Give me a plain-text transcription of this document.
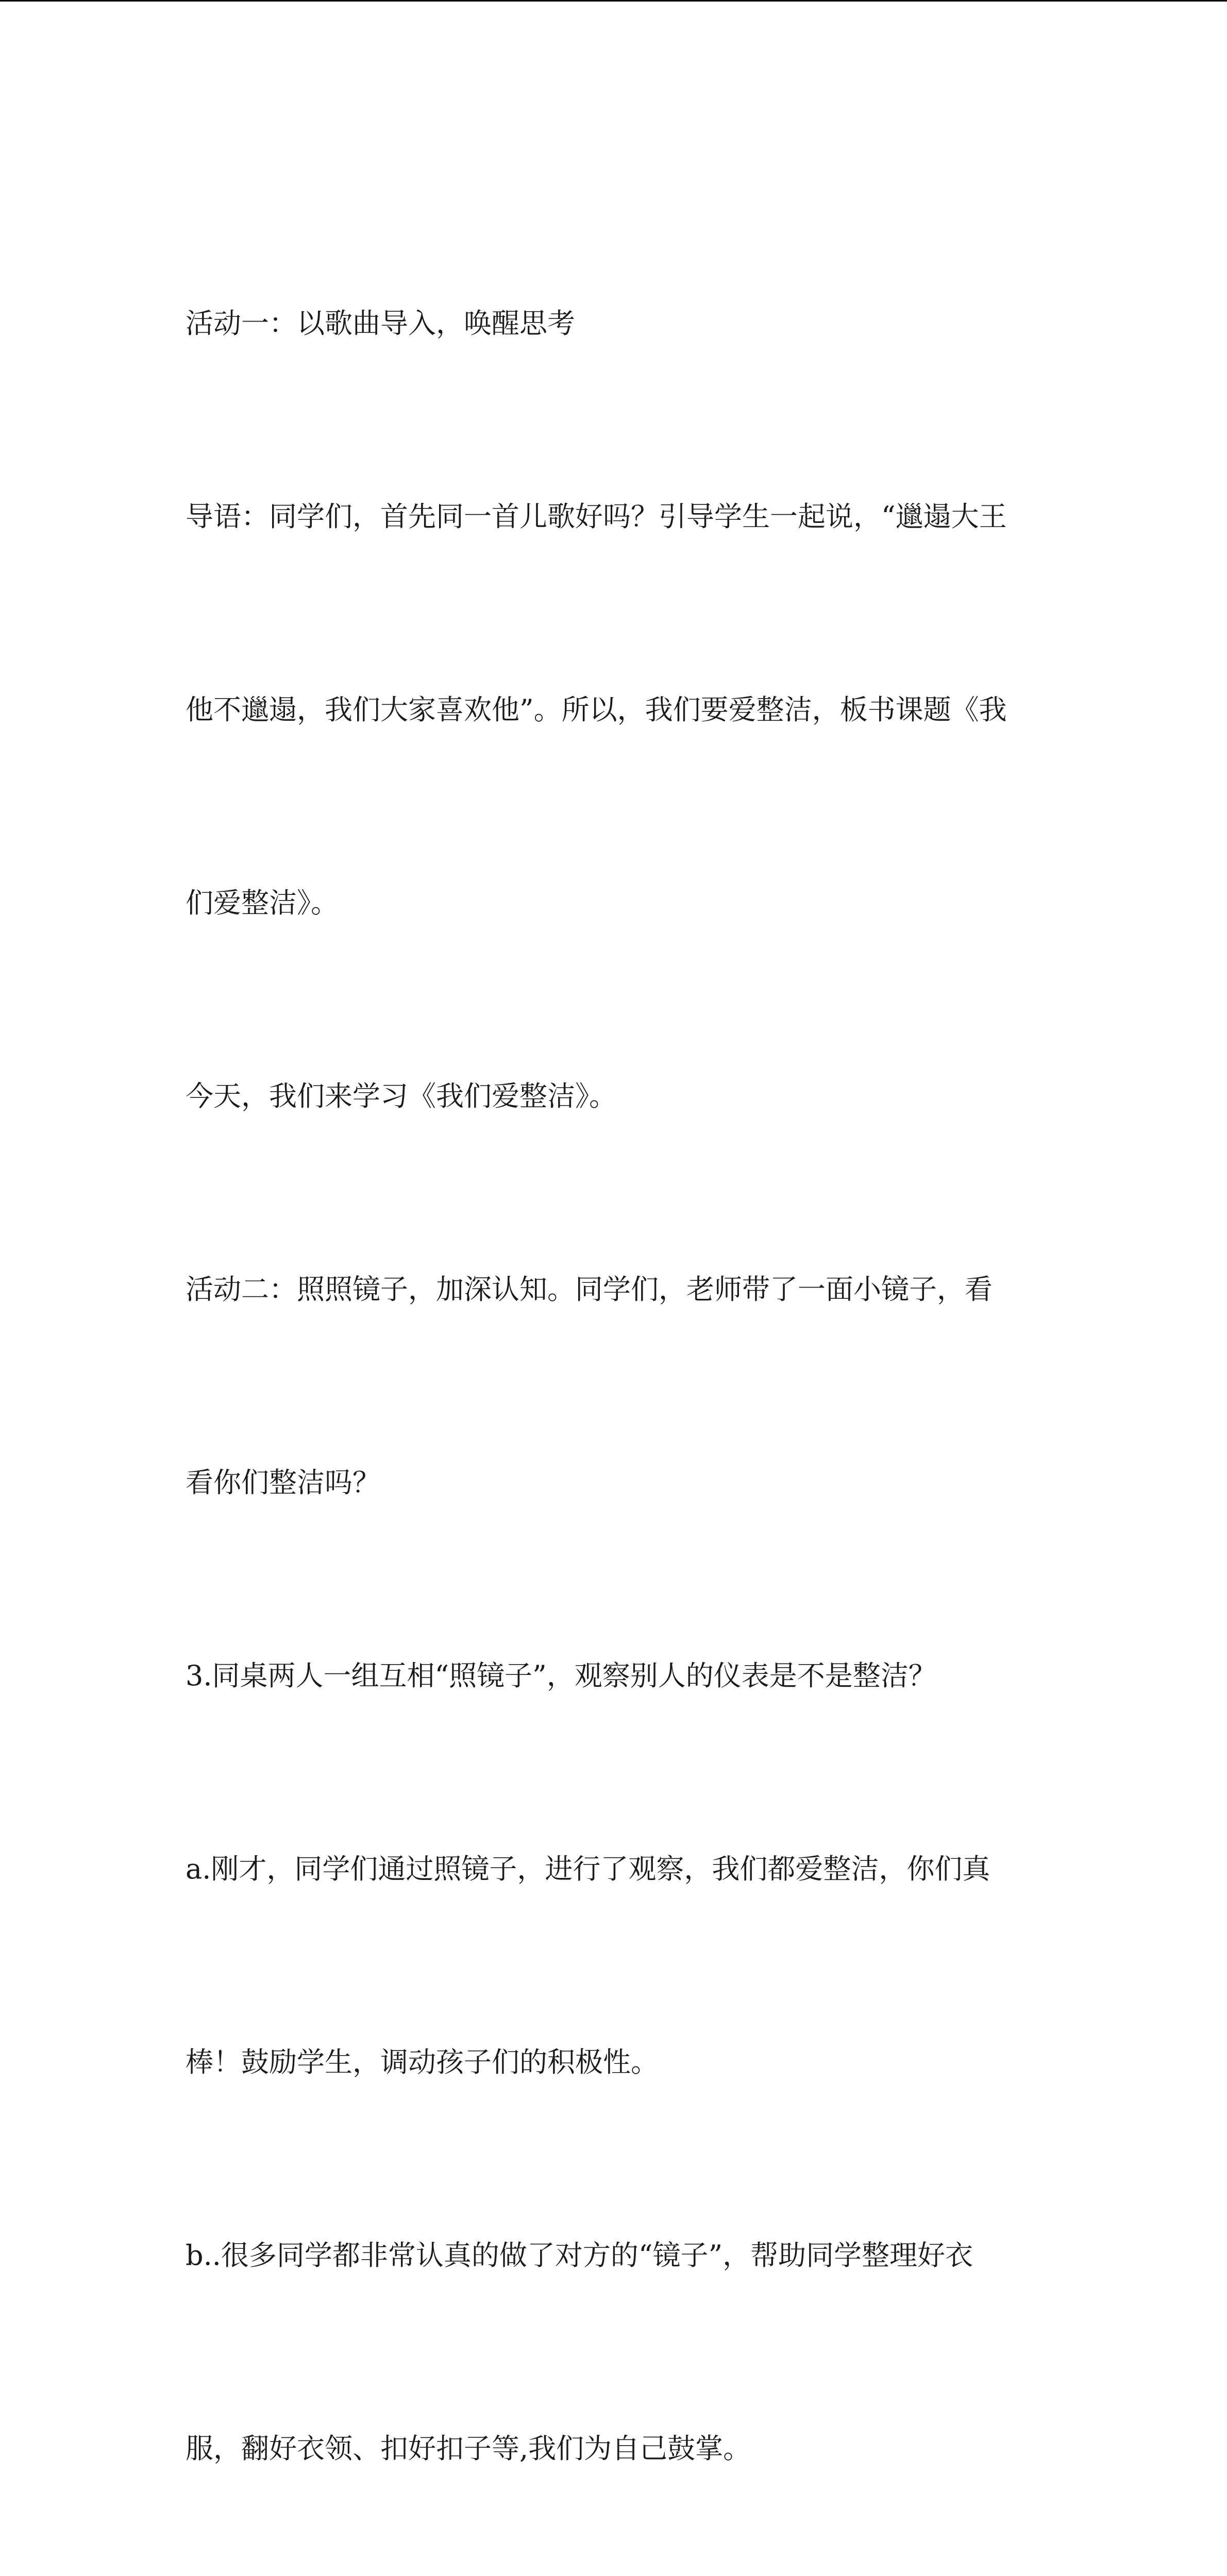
活动一：以歌曲导入，唤醒思考

导语：同学们，首先同一首儿歌好吗？引导学生一起说，“邋遢大王

他不邋遢，我们大家喜欢他”。所以，我们要爱整洁，板书课题《我

们爱整洁》。

今天，我们来学习《我们爱整洁》。

活动二：照照镜子，加深认知。同学们，老师带了一面小镜子，看

看你们整洁吗？

3.同桌两人一组互相“照镜子”，观察别人的仪表是不是整洁？

a.刚才，同学们通过照镜子，进行了观察，我们都爱整洁，你们真

棒！鼓励学生，调动孩子们的积极性。

b..很多同学都非常认真的做了对方的“镜子”，帮助同学整理好衣

服，翻好衣领、扣好扣子等,我们为自己鼓掌。
